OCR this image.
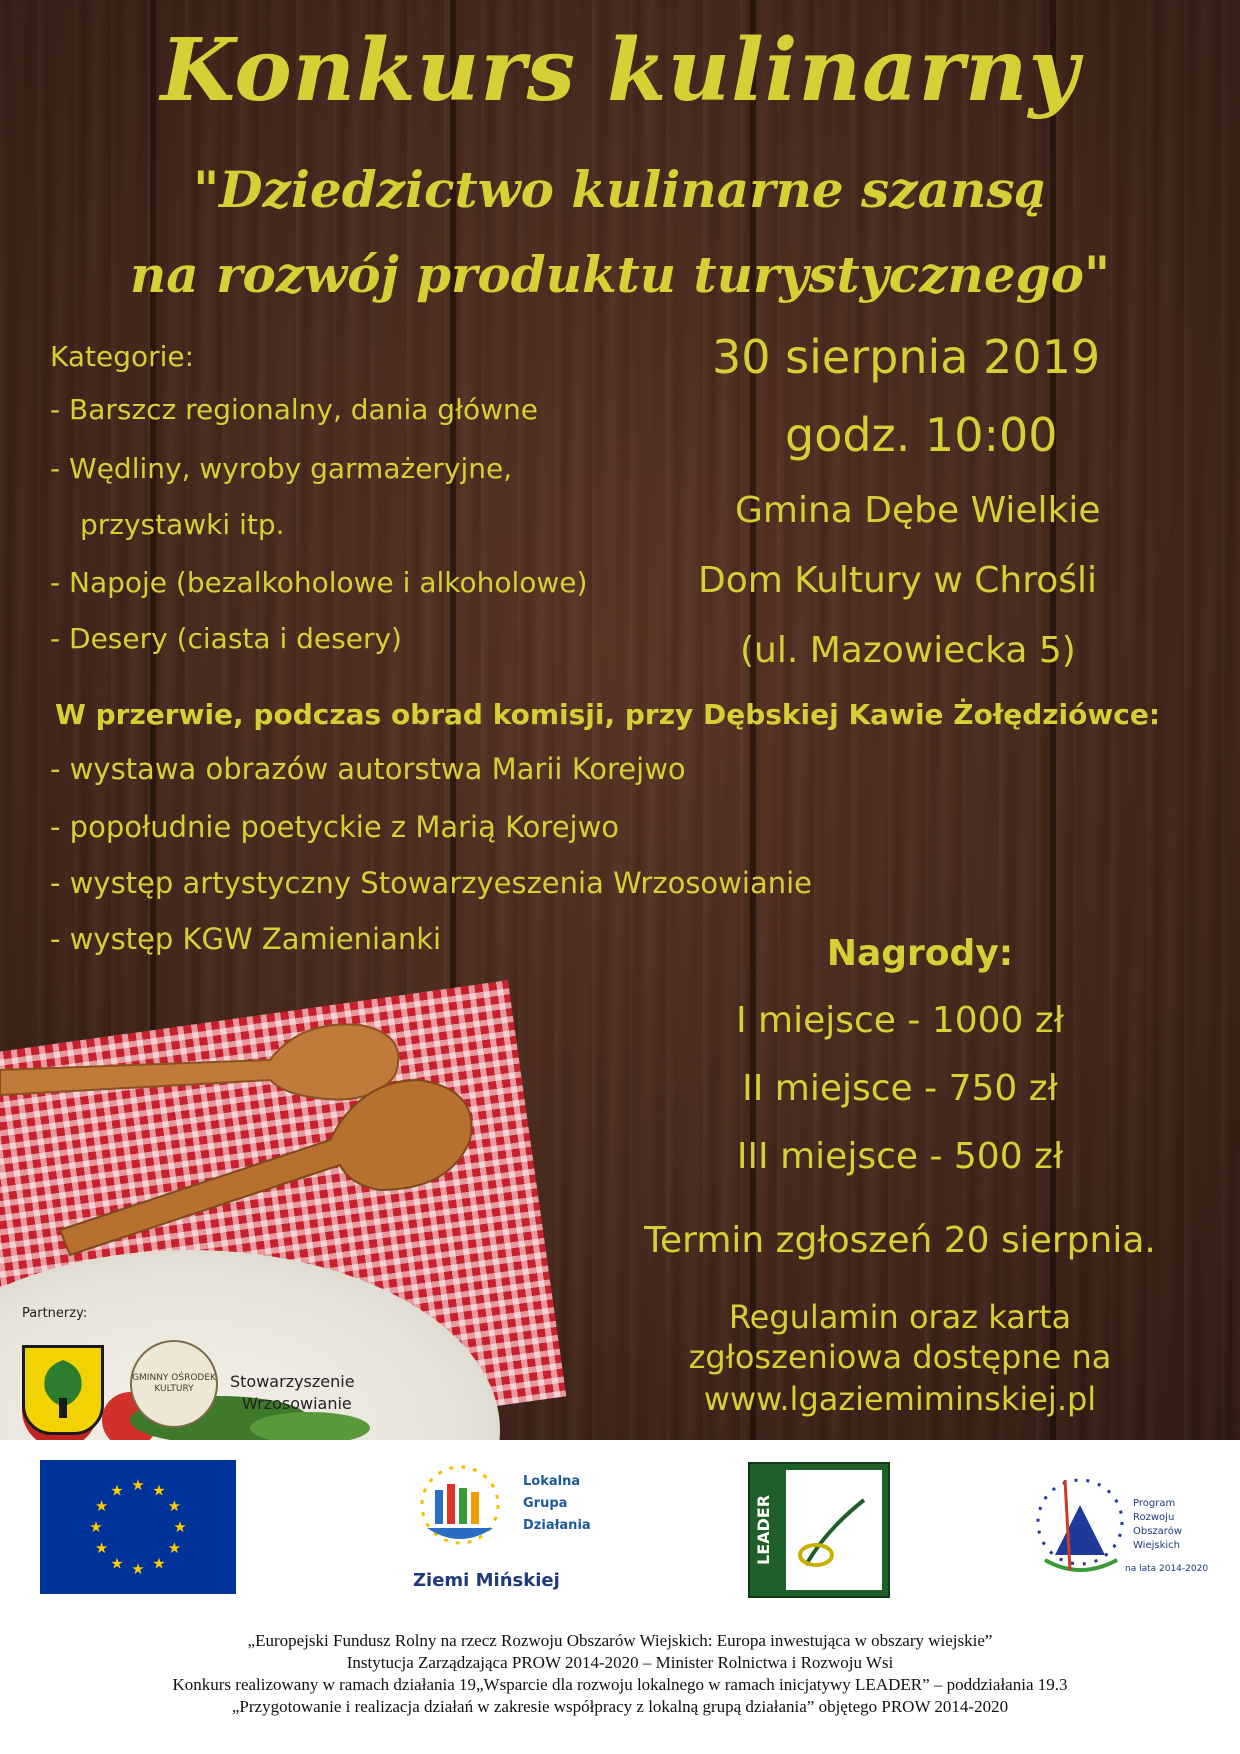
Konkurs kulinarny
"Dziedzictwo kulinarne szansą
na rozwój produktu turystycznego"
Kategorie:
- Barszcz regionalny, dania główne
- Wędliny, wyroby garmażeryjne,
przystawki itp.
- Napoje (bezalkoholowe i alkoholowe)
- Desery (ciasta i desery)
30 sierpnia 2019
godz. 10:00
Gmina Dębe Wielkie
Dom Kultury w Chrośli
(ul. Mazowiecka 5)
W przerwie, podczas obrad komisji, przy Dębskiej Kawie Żołędziówce:
- wystawa obrazów autorstwa Marii Korejwo
- popołudnie poetyckie z Marią Korejwo
- występ artystyczny Stowarzyeszenia Wrzosowianie
- występ KGW Zamienianki	Nagrody:
I miejsce - 1000 zł
II miejsce - 750 zł
III miejsce - 500 zł
Termin zgłoszeń 20 sierpnia.
Regulamin oraz karta
zgłoszeniowa dostępne na
www.lgaziemiminskiej.pl
Partnerzy:
GMINNY OŚRODEK KULTURY	Stowarzyszenie
Wrzosowianie
★ ★
★
★
★
★
★
★
★
★
★
★
Lokalna
Grupa
Działania
Ziemi Mińskiej
LEADER	Program
Rozwoju
Obszarów
Wiejskich
na lata 2014-2020
„Europejski Fundusz Rolny na rzecz Rozwoju Obszarów Wiejskich: Europa inwestująca w obszary wiejskie”
Instytucja Zarządzająca PROW 2014-2020 – Minister Rolnictwa i Rozwoju Wsi
Konkurs realizowany w ramach działania 19„Wsparcie dla rozwoju lokalnego w ramach inicjatywy LEADER” – poddziałania 19.3
„Przygotowanie i realizacja działań w zakresie współpracy z lokalną grupą działania” objętego PROW 2014-2020
